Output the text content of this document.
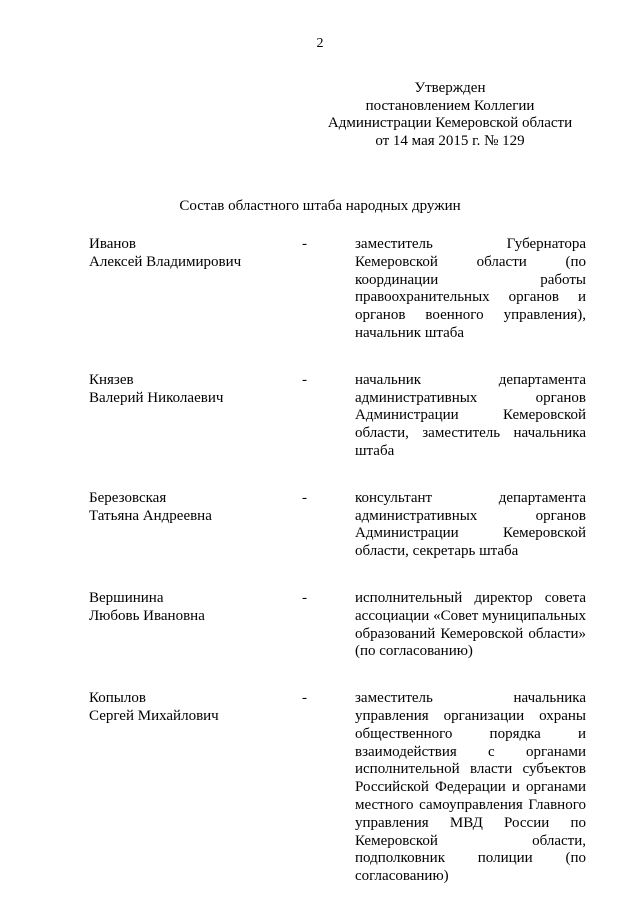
2
Утвержден
постановлением Коллегии
Администрации Кемеровской области
от 14 мая 2015 г. № 129
Состав областного штаба народных дружин
Иванов
Алексей Владимирович
-	заместитель Губернатора Кемеровской области (по координации работы правоохранительных органов и органов военного управления), начальник штаба
Князев
Валерий Николаевич
-	начальник департамента административных органов Администрации Кемеровской области, заместитель начальника штаба
Березовская
Татьяна Андреевна
-	консультант департамента административных органов Администрации Кемеровской области, секретарь штаба
Вершинина
Любовь Ивановна
-	исполнительный директор совета ассоциации «Совет муниципальных образований Кемеровской области» (по согласованию)
Копылов
Сергей Михайлович
-	заместитель начальника управления организации охраны общественного порядка и взаимодействия с органами исполнительной власти субъектов Российской Федерации и органами местного самоуправления Главного управления МВД России по Кемеровской области, подполковник полиции (по согласованию)
